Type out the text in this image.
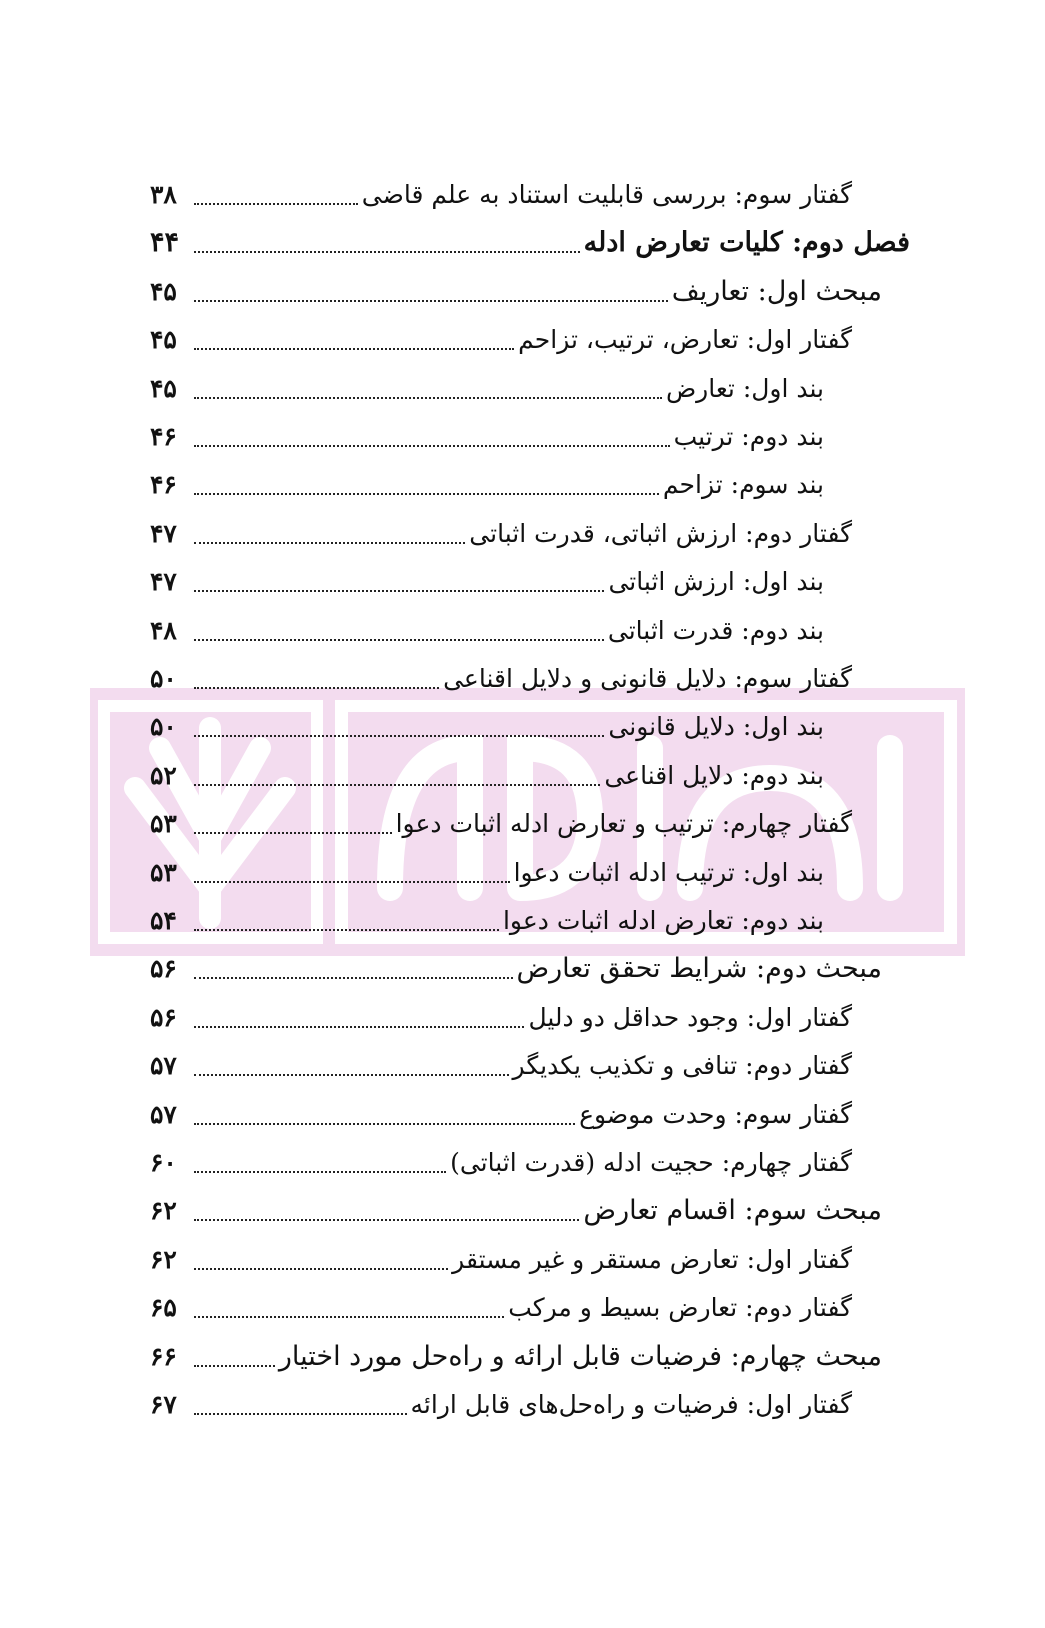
گفتار سوم: بررسی قابلیت استناد به علم قاضی
۳۸
فصل دوم: کلیات تعارض ادله
۴۴
مبحث اول: تعاریف
۴۵
گفتار اول: تعارض، ترتیب، تزاحم
۴۵
بند اول: تعارض
۴۵
بند دوم: ترتیب
۴۶
بند سوم: تزاحم
۴۶
گفتار دوم: ارزش اثباتی، قدرت اثباتی
۴۷
بند اول: ارزش اثباتی
۴۷
بند دوم: قدرت اثباتی
۴۸
گفتار سوم: دلایل قانونی و دلایل اقناعی
۵۰
بند اول: دلایل قانونی
۵۰
بند دوم: دلایل اقناعی
۵۲
گفتار چهارم: ترتیب و تعارض ادله اثبات دعوا
۵۳
بند اول: ترتیب ادله اثبات دعوا
۵۳
بند دوم: تعارض ادله اثبات دعوا
۵۴
مبحث دوم: شرایط تحقق تعارض
۵۶
گفتار اول: وجود حداقل دو دلیل
۵۶
گفتار دوم: تنافی و تکذیب یکدیگر
۵۷
گفتار سوم: وحدت موضوع
۵۷
گفتار چهارم: حجیت ادله (قدرت اثباتی)
۶۰
مبحث سوم: اقسام تعارض
۶۲
گفتار اول: تعارض مستقر و غیر مستقر
۶۲
گفتار دوم: تعارض بسیط و مرکب
۶۵
مبحث چهارم: فرضیات قابل ارائه و راه‌حل مورد اختیار
۶۶
گفتار اول: فرضیات و راه‌حل‌های قابل ارائه
۶۷
